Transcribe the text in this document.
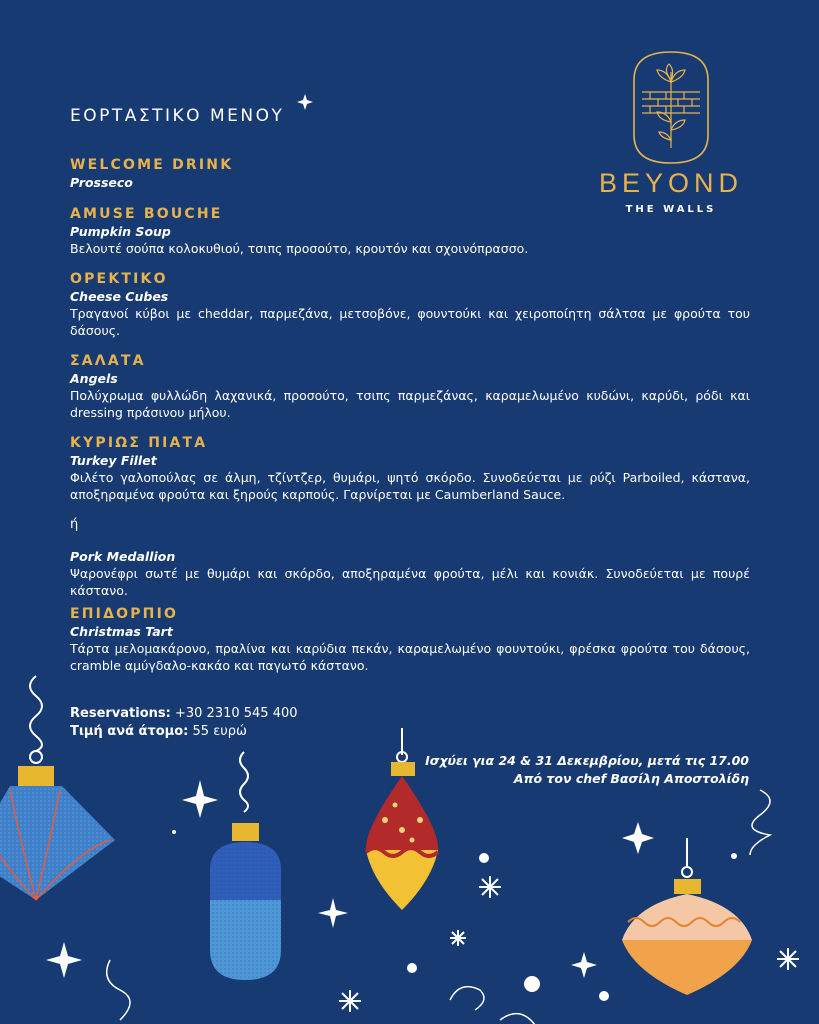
BEYOND
THE WALLS
ΕΟΡΤΑΣΤΙΚΟ ΜΕΝΟΥ
WELCOME DRINK
Prosseco
AMUSE BOUCHE
Pumpkin Soup
Βελουτέ σούπα κολοκυθιού, τσιπς προσούτο, κρουτόν και σχοινόπρασσο.
ΟΡΕΚΤΙΚΟ
Cheese Cubes
Τραγανοί κύβοι με cheddar, παρμεζάνα, μετσοβόνε, φουντούκι και χειροποίητη σάλτσα με φρούτα του δάσους.
ΣΑΛΑΤΑ
Angels
Πολύχρωμα φυλλώδη λαχανικά, προσούτο, τσιπς παρμεζάνας, καραμελωμένο κυδώνι, καρύδι, ρόδι και dressing πράσινου μήλου.
ΚΥΡΙΩΣ ΠΙΑΤΑ
Turkey Fillet
Φιλέτο γαλοπούλας σε άλμη, τζίντζερ, θυμάρι, ψητό σκόρδο. Συνοδεύεται με ρύζι Parboiled, κάστανα, αποξηραμένα φρούτα και ξηρούς καρπούς. Γαρνίρεται με Caumberland Sauce.
ή
Pork Medallion
Ψαρονέφρι σωτέ με θυμάρι και σκόρδο, αποξηραμένα φρούτα, μέλι και κονιάκ. Συνοδεύεται με πουρέ κάστανο.
ΕΠΙΔΟΡΠΙΟ
Christmas Tart
Τάρτα μελομακάρονο, πραλίνα και καρύδια πεκάν, καραμελωμένο φουντούκι, φρέσκα φρούτα του δάσους, cramble αμύγδαλο-κακάο και παγωτό κάστανο.
Reservations: +30 2310 545 400
Τιμή ανά άτομο: 55 ευρώ
Ισχύει για 24 & 31 Δεκεμβρίου, μετά τις 17.00
Από τον chef Βασίλη Αποστολίδη
